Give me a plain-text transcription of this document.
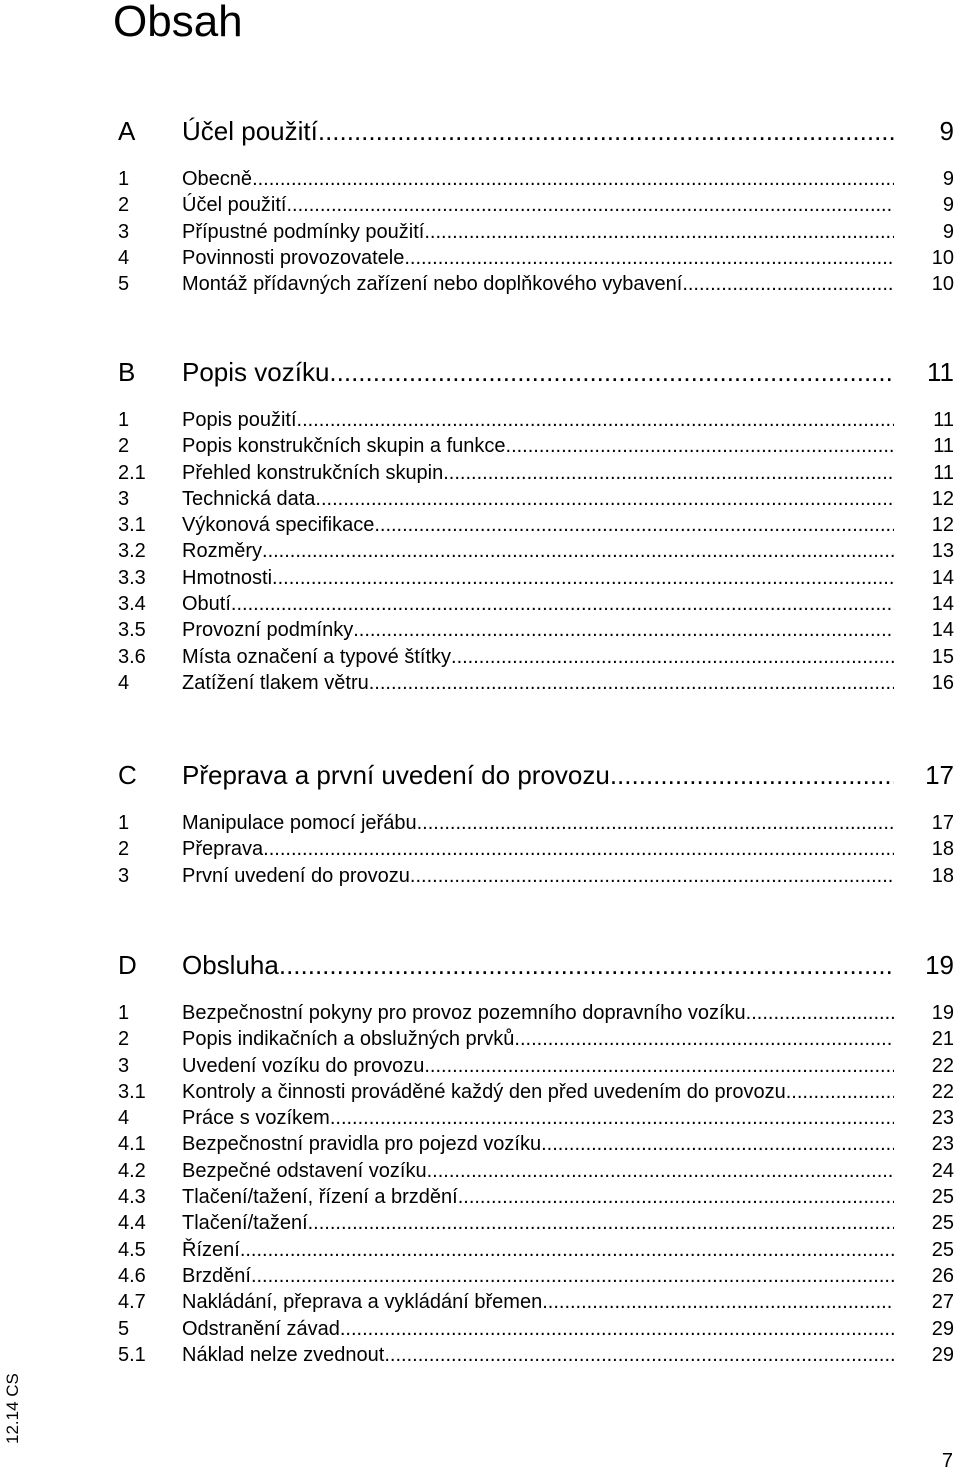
Obsah
A	Účel použití .....	9
1	Obecně .....	9
2	Účel použití .....	9
3	Přípustné podmínky použití .....	9
4	Povinnosti provozovatele .....	10
5	Montáž přídavných zařízení nebo doplňkového vybavení .....	10
B	Popis vozíku .....	11
1	Popis použití .....	11
2	Popis konstrukčních skupin a funkce .....	11
2.1	Přehled konstrukčních skupin .....	11
3	Technická data .....	12
3.1	Výkonová specifikace .....	12
3.2	Rozměry .....	13
3.3	Hmotnosti .....	14
3.4	Obutí .....	14
3.5	Provozní podmínky .....	14
3.6	Místa označení a typové štítky .....	15
4	Zatížení tlakem větru .....	16
C	Přeprava a první uvedení do provozu .....	17
1	Manipulace pomocí jeřábu .....	17
2	Přeprava .....	18
3	První uvedení do provozu .....	18
D	Obsluha .....	19
1	Bezpečnostní pokyny pro provoz pozemního dopravního vozíku .....	19
2	Popis indikačních a obslužných prvků .....	21
3	Uvedení vozíku do provozu .....	22
3.1	Kontroly a činnosti prováděné každý den před uvedením do provozu .....	22
4	Práce s vozíkem .....	23
4.1	Bezpečnostní pravidla pro pojezd vozíku .....	23
4.2	Bezpečné odstavení vozíku .....	24
4.3	Tlačení/tažení, řízení a brzdění .....	25
4.4	Tlačení/tažení .....	25
4.5	Řízení .....	25
4.6	Brzdění .....	26
4.7	Nakládání, přeprava a vykládání břemen .....	27
5	Odstranění závad .....	29
5.1	Náklad nelze zvednout .....	29
12.14 CS
7
